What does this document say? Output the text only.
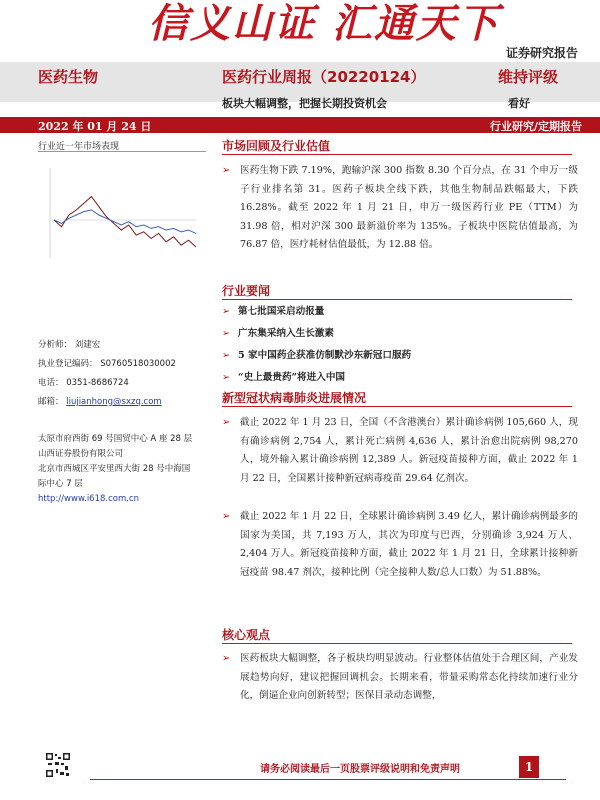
信义山证 汇通天下
证券研究报告
医药生物	医药行业周报（20220124）	维持评级
板块大幅调整，把握长期投资机会	看好
2022 年 01 月 24 日	行业研究/定期报告
行业近一年市场表现
分析师： 刘建宏
执业登记编码： S0760518030002
电话： 0351-8686724
邮箱： liujianhong@sxzq.com
太原市府西街 69 号国贸中心 A 座 28 层
山西证券股份有限公司
北京市西城区平安里西大街 28 号中海国
际中心 7 层
http://www.i618.com.cn
市场回顾及行业估值
➢ 医药生物下跌 7.19%，跑输沪深 300 指数 8.30 个百分点，在 31 个申万一级子行业排名第 31。医药子板块全线下跌，其他生物制品跌幅最大，下跌 16.28%。截至 2022 年 1 月 21 日，申万一级医药行业 PE（TTM）为 31.98 倍，相对沪深 300 最新溢价率为 135%。子板块中医院估值最高，为 76.87 倍，医疗耗材估值最低，为 12.88 倍。
行业要闻
➢ 第七批国采启动报量
➢ 广东集采纳入生长激素
➢ 5 家中国药企获准仿制默沙东新冠口服药
➢ “史上最贵药”将进入中国
新型冠状病毒肺炎进展情况
➢ 截止 2022 年 1 月 23 日，全国（不含港澳台）累计确诊病例 105,660 人，现有确诊病例 2,754 人，累计死亡病例 4,636 人，累计治愈出院病例 98,270 人，境外输入累计确诊病例 12,389 人。新冠疫苗接种方面，截止 2022 年 1 月 22 日，全国累计接种新冠病毒疫苗 29.64 亿剂次。
➢ 截止 2022 年 1 月 22 日，全球累计确诊病例 3.49 亿人，累计确诊病例最多的国家为美国，共 7,193 万人，其次为印度与巴西，分别确诊 3,924 万人、2,404 万人。新冠疫苗接种方面，截止 2022 年 1 月 21 日，全球累计接种新冠疫苗 98.47 剂次，接种比例（完全接种人数/总人口数）为 51.88%。
核心观点
➢ 医药板块大幅调整，各子板块均明显波动。行业整体估值处于合理区间，产业发展趋势向好，建议把握回调机会。长期来看，带量采购常态化持续加速行业分化，倒逼企业向创新转型；医保目录动态调整，
请务必阅读最后一页股票评级说明和免责声明	1
